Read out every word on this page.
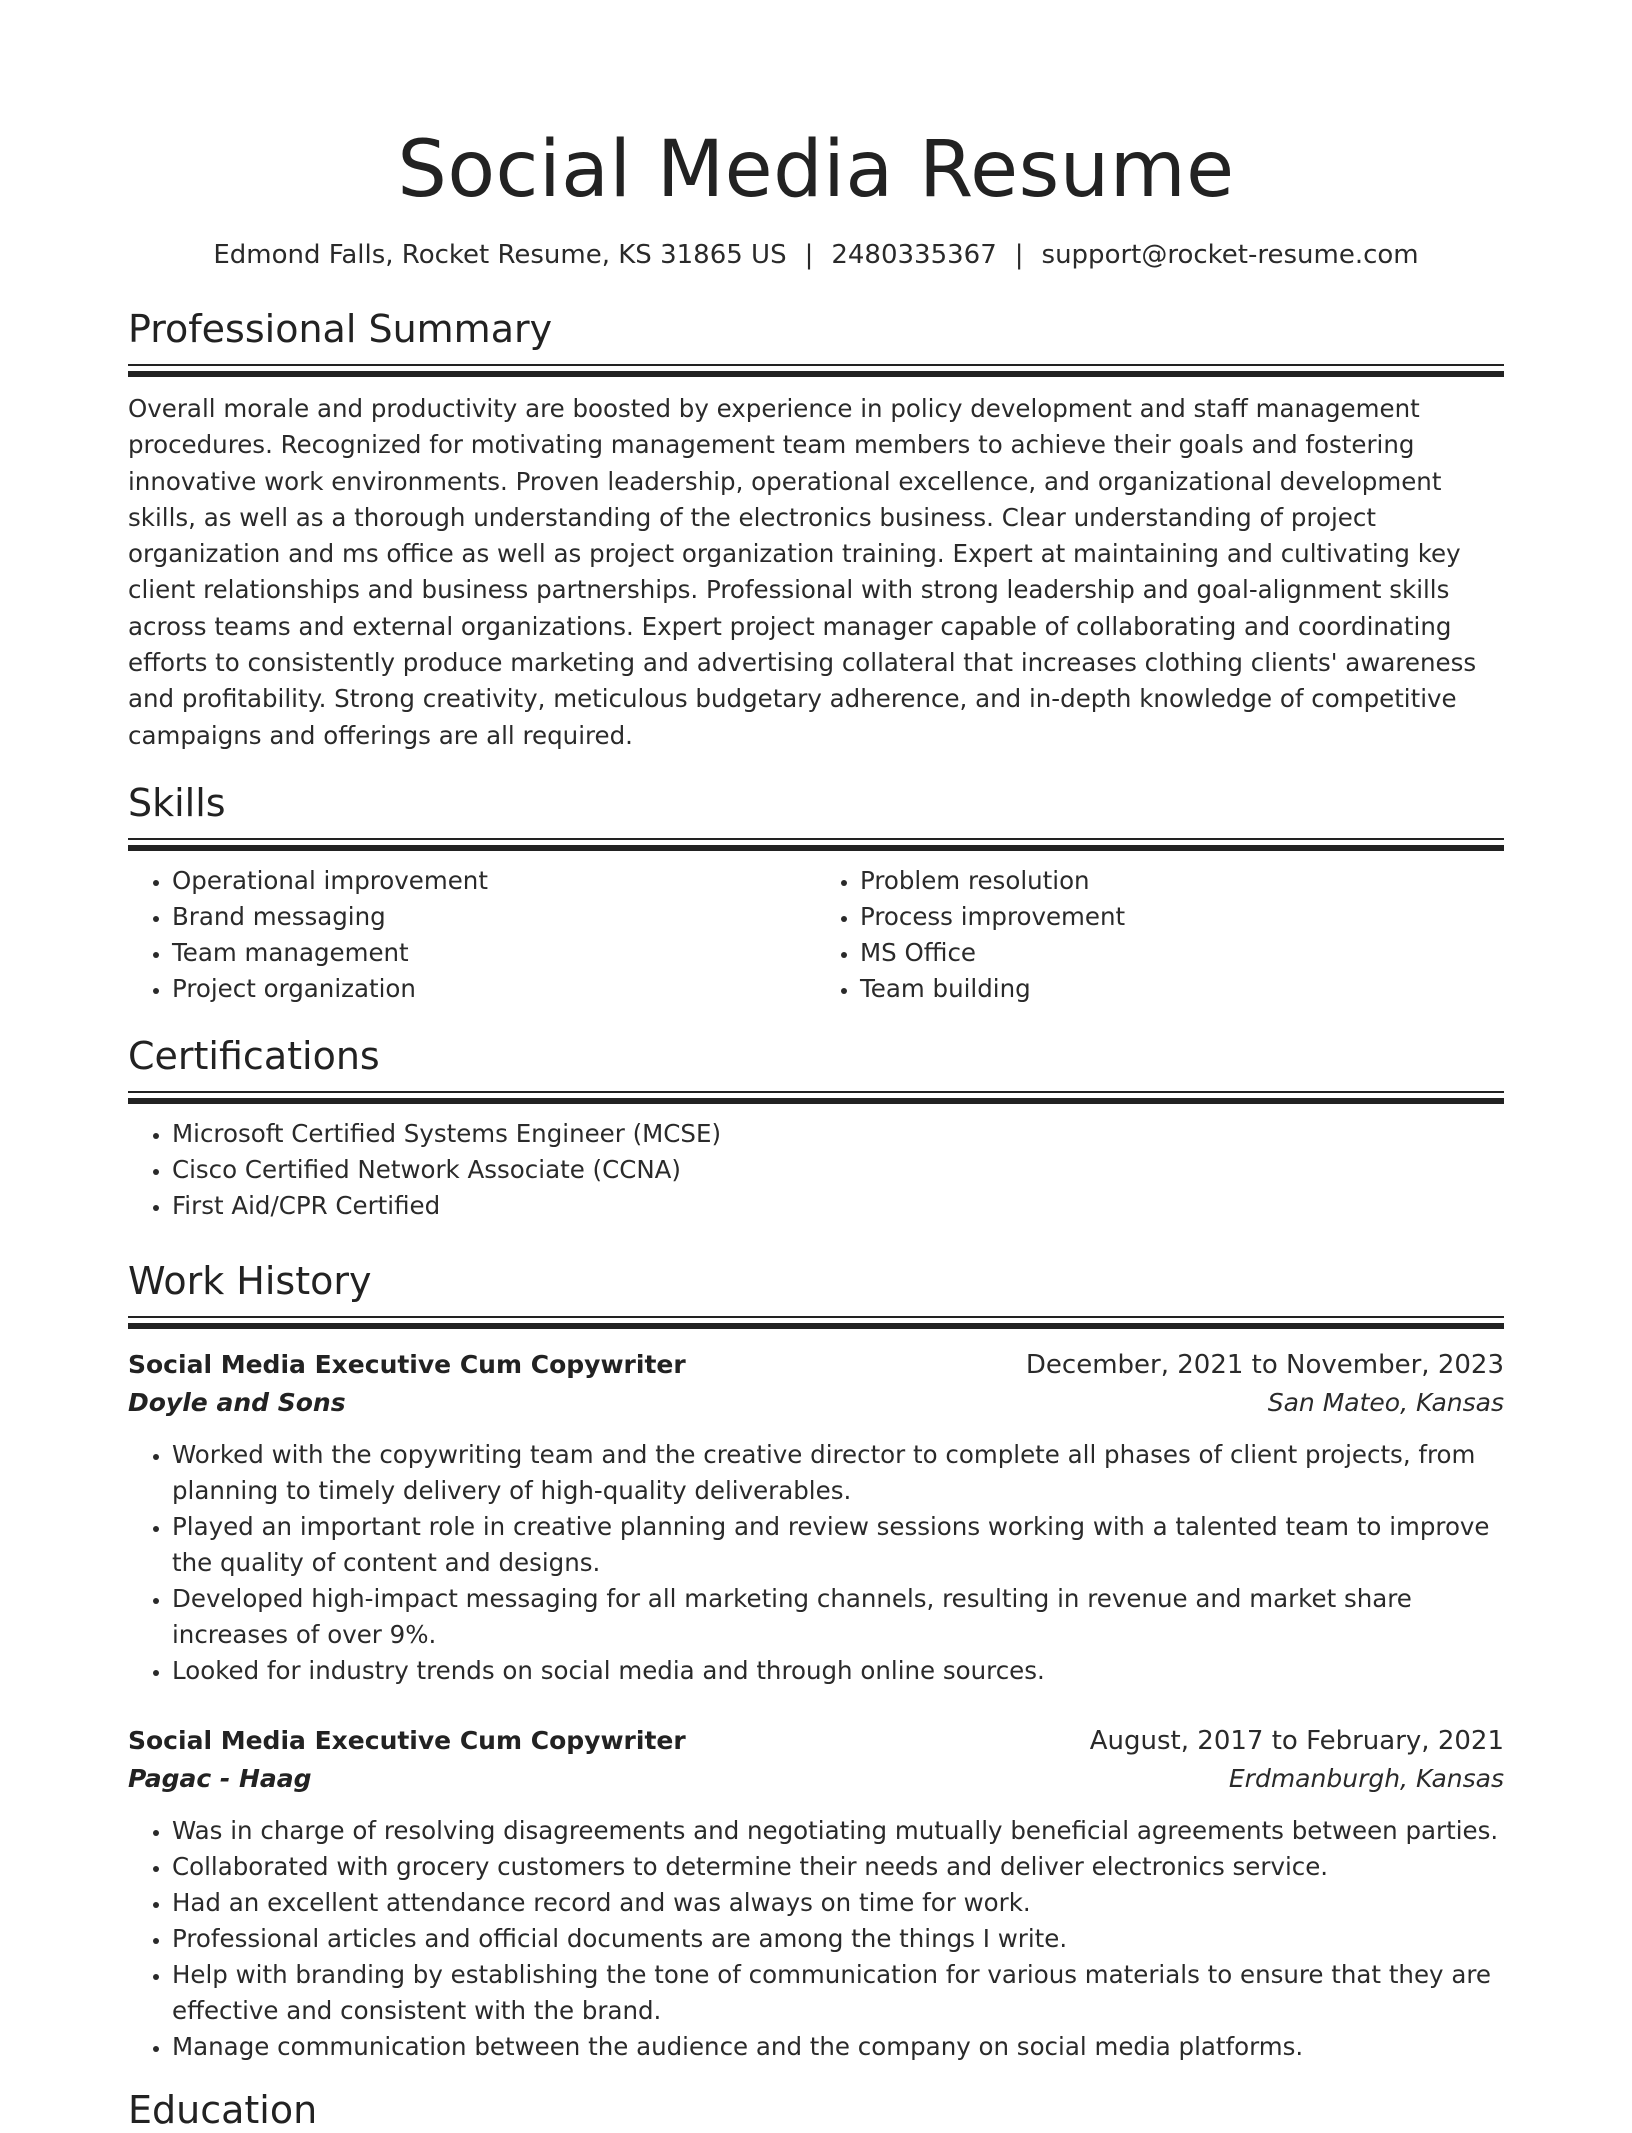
Social Media Resume
Edmond Falls, Rocket Resume, KS 31865 US | 2480335367 | support@rocket-resume.com
Professional Summary
Overall morale and productivity are boosted by experience in policy development and staff management procedures. Recognized for motivating management team members to achieve their goals and fostering innovative work environments. Proven leadership, operational excellence, and organizational development skills, as well as a thorough understanding of the electronics business. Clear understanding of project organization and ms office as well as project organization training. Expert at maintaining and cultivating key client relationships and business partnerships. Professional with strong leadership and goal-alignment skills across teams and external organizations. Expert project manager capable of collaborating and coordinating efforts to consistently produce marketing and advertising collateral that increases clothing clients' awareness and profitability. Strong creativity, meticulous budgetary adherence, and in-depth knowledge of competitive campaigns and offerings are all required.
Skills
• Operational improvement
• Brand messaging
• Team management
• Project organization
• Problem resolution
• Process improvement
• MS Office
• Team building
Certifications
• Microsoft Certified Systems Engineer (MCSE)
• Cisco Certified Network Associate (CCNA)
• First Aid/CPR Certified
Work History
Social Media Executive Cum Copywriter	December, 2021 to November, 2023
Doyle and Sons	San Mateo, Kansas
• Worked with the copywriting team and the creative director to complete all phases of client projects, from planning to timely delivery of high-quality deliverables.
• Played an important role in creative planning and review sessions working with a talented team to improve the quality of content and designs.
• Developed high-impact messaging for all marketing channels, resulting in revenue and market share increases of over 9%.
• Looked for industry trends on social media and through online sources.
Social Media Executive Cum Copywriter	August, 2017 to February, 2021
Pagac - Haag	Erdmanburgh, Kansas
• Was in charge of resolving disagreements and negotiating mutually beneficial agreements between parties.
• Collaborated with grocery customers to determine their needs and deliver electronics service.
• Had an excellent attendance record and was always on time for work.
• Professional articles and official documents are among the things I write.
• Help with branding by establishing the tone of communication for various materials to ensure that they are effective and consistent with the brand.
• Manage communication between the audience and the company on social media platforms.
Education
